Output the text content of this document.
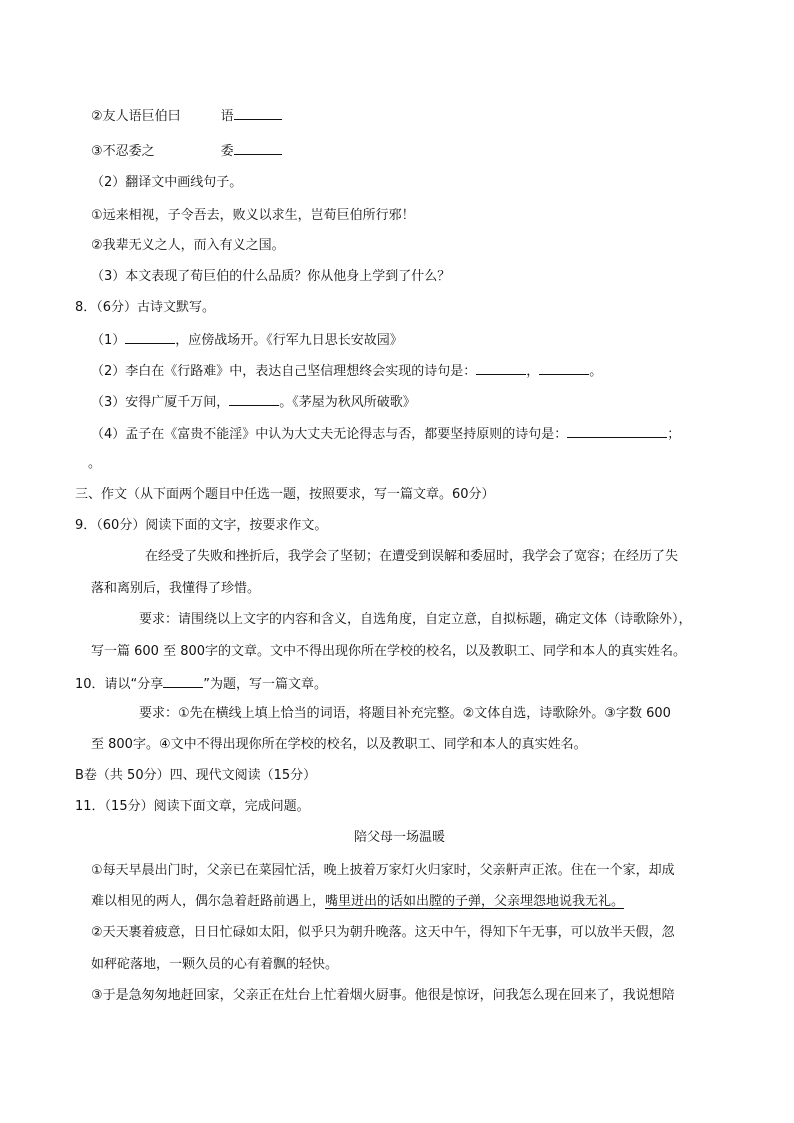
②友人语巨伯曰	语
③不忍委之	委
（2）翻译文中画线句子。
①远来相视，子令吾去，败义以求生，岂荀巨伯所行邪！
②我辈无义之人，而入有义之国。
（3）本文表现了荀巨伯的什么品质？你从他身上学到了什么？
8．（6分）古诗文默写。
（1）	，应傍战场开。《行军九日思长安故园》
（2）李白在《行路难》中，表达自己坚信理想终会实现的诗句是：	，	。
（3）安得广厦千万间，	。《茅屋为秋风所破歌》
（4）孟子在《富贵不能淫》中认为大丈夫无论得志与否，都要坚持原则的诗句是：	；
。
三、作文（从下面两个题目中任选一题，按照要求，写一篇文章。60分）
9．（60分）阅读下面的文字，按要求作文。
在经受了失败和挫折后，我学会了坚韧；在遭受到误解和委屈时，我学会了宽容；在经历了失
落和离别后，我懂得了珍惜。
要求：请围绕以上文字的内容和含义，自选角度，自定立意，自拟标题，确定文体（诗歌除外），
写一篇 600 至 800字的文章。文中不得出现你所在学校的校名，以及教职工、同学和本人的真实姓名。
10．请以“分享	”为题，写一篇文章。
要求：①先在横线上填上恰当的词语，将题目补充完整。②文体自选，诗歌除外。③字数 600
至 800字。④文中不得出现你所在学校的校名，以及教职工、同学和本人的真实姓名。
B卷（共 50分）四、现代文阅读（15分）
11．（15分）阅读下面文章，完成问题。
陪父母一场温暖
①每天早晨出门时，父亲已在菜园忙活，晚上披着万家灯火归家时，父亲鼾声正浓。住在一个家，却成
难以相见的两人，偶尔急着赶路前遇上，嘴里迸出的话如出膛的子弹，父亲埋怨地说我无礼。
②天天裹着疲意，日日忙碌如太阳，似乎只为朝升晚落。这天中午，得知下午无事，可以放半天假，忽
如秤砣落地，一颗久员的心有着飘的轻快。
③于是急匆匆地赶回家，父亲正在灶台上忙着烟火厨事。他很是惊讶，问我怎么现在回来了，我说想陪
